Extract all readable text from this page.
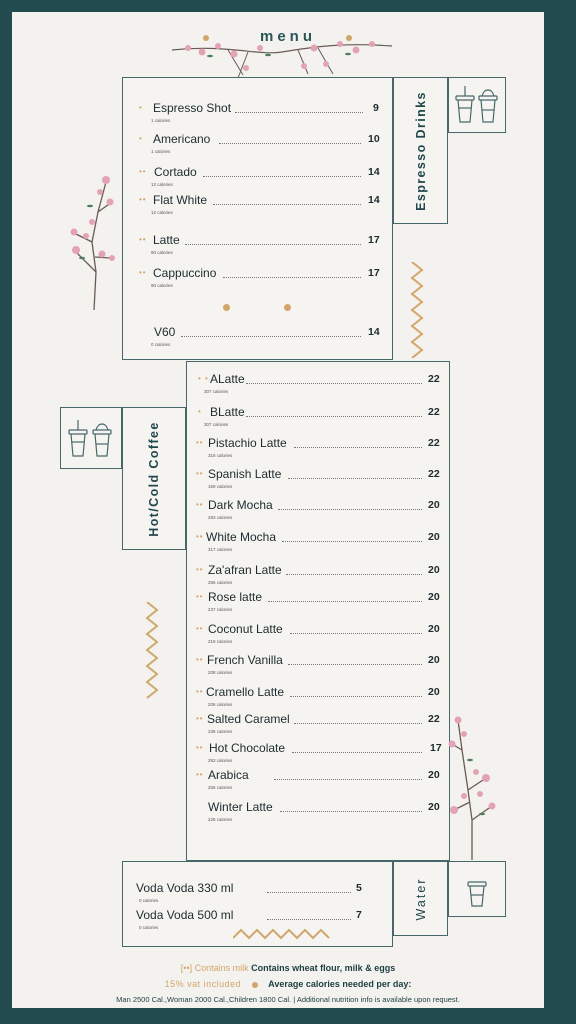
menu
• Espresso Shot
1 calories
9
• Americano
1 calories
10
•• Cortado
12 calories
14
•• Flat White
12 calories
14
•• Latte
90 calories
17
•• Cappuccino
90 calories
17
V60
0 calories
14
Espresso Drinks
• • ALatte
307 calories
22
• BLatte
307 calories
22
•• Pistachio Latte
316 calories
22
•• Spanish Latte
169 calories
22
•• Dark Mocha
293 calories
20
•• White Mocha
317 calories
20
•• Za'afran Latte
256 calories
20
•• Rose latte
237 calories
20
•• Coconut Latte
219 calories
20
•• French Vanilla
208 calories
20
•• Cramello Latte
206 calories
20
•• Salted Caramel
236 calories
22
•• Hot Chocolate
293 calories
17
•• Arabica
256 calories
20
Winter Latte
226 calories
20
Hot/Cold Coffee
Voda Voda 330 ml
0 calories
5
Voda Voda 500 ml
0 calories
7	Water
[••] Contains milk Contains wheat flour, milk & eggs
15% vat included	Average calories needed per day:
Man 2500 Cal.,Woman 2000 Cal.,Children 1800 Cal. | Additional nutrition info is available upon request.
